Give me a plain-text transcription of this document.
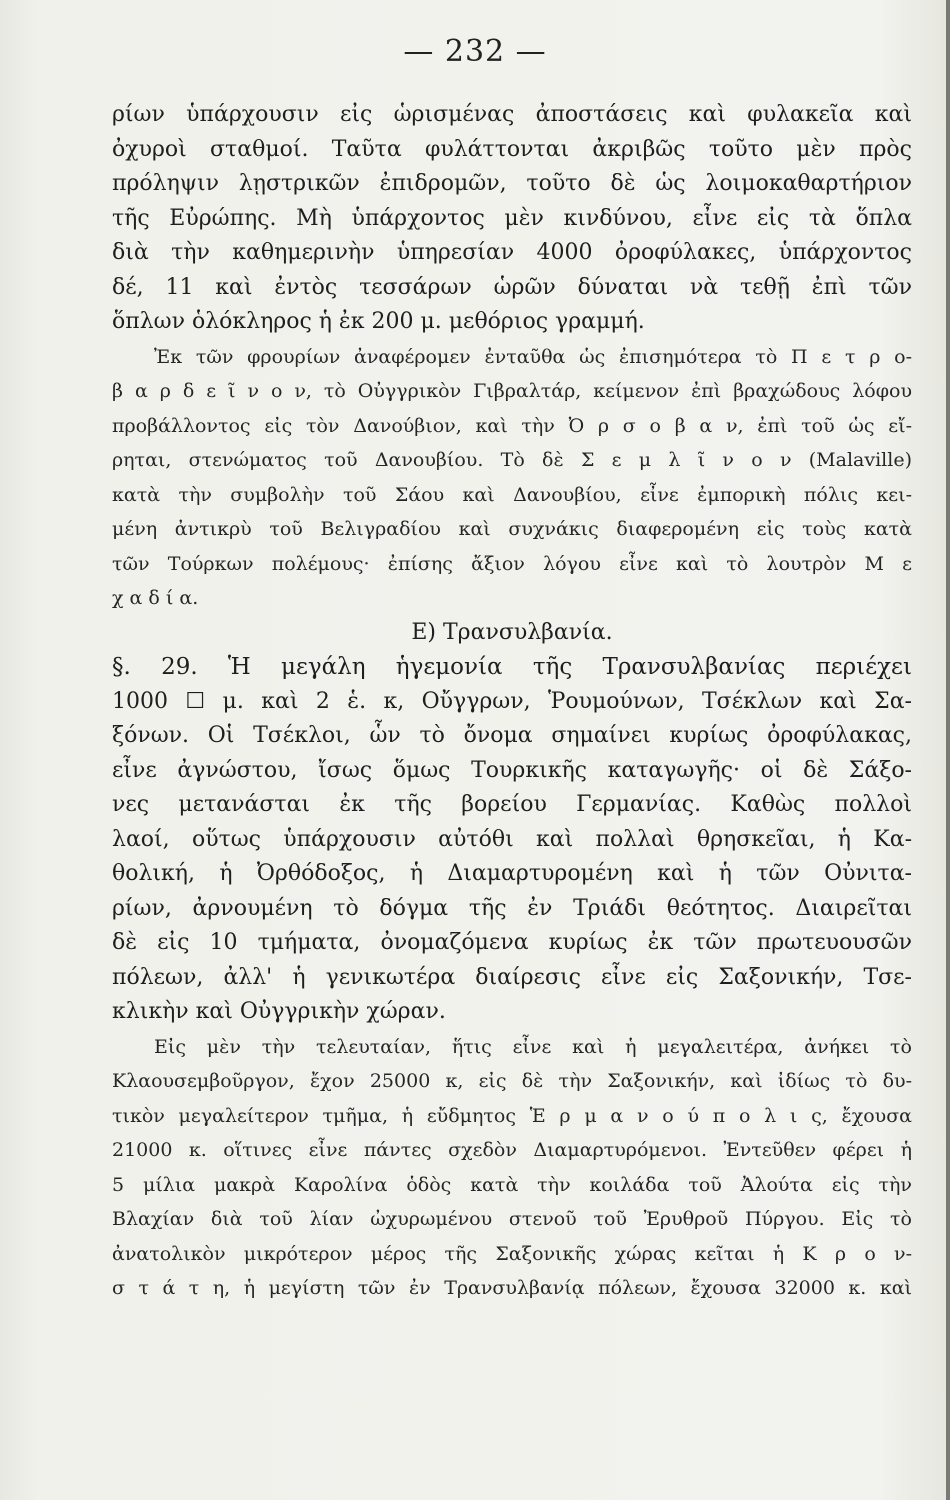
— 232 —
ρίων ὑπάρχουσιν εἰς ὡρισμένας ἀποστάσεις καὶ φυλακεῖα καὶ
ὀχυροὶ σταθμοί. Ταῦτα φυλάττονται ἀκριβῶς τοῦτο μὲν πρὸς
πρόληψιν λῃστρικῶν ἐπιδρομῶν, τοῦτο δὲ ὡς λοιμοκαθαρτήριον
τῆς Εὐρώπης. Μὴ ὑπάρχοντος μὲν κινδύνου, εἶνε εἰς τὰ ὅπλα
διὰ τὴν καθημερινὴν ὑπηρεσίαν 4000 ὀροφύλακες, ὑπάρχοντος
δέ, 11 καὶ ἐντὸς τεσσάρων ὡρῶν δύναται νὰ τεθῇ ἐπὶ τῶν
ὅπλων ὁλόκληρος ἡ ἐκ 200 μ. μεθόριος γραμμή.
Ἐκ τῶν φρουρίων ἀναφέρομεν ἐνταῦθα ὡς ἐπισημότερα τὸ Π ε τ ρ ο-
β α ρ δ ε ῖ ν ο ν, τὸ Οὐγγρικὸν Γιβραλτάρ, κείμενον ἐπὶ βραχώδους λόφου
προβάλλοντος εἰς τὸν Δανούβιον, καὶ τὴν Ὀ ρ σ ο β α ν, ἐπὶ τοῦ ὡς εἴ-
ρηται, στενώματος τοῦ Δανουβίου. Τὸ δὲ Σ ε μ λ ῖ ν ο ν (Malaville)
κατὰ τὴν συμβολὴν τοῦ Σάου καὶ Δανουβίου, εἶνε ἐμπορικὴ πόλις κει-
μένη ἀντικρὺ τοῦ Βελιγραδίου καὶ συχνάκις διαφερομένη εἰς τοὺς κατὰ
τῶν Τούρκων πολέμους· ἐπίσης ἄξιον λόγου εἶνε καὶ τὸ λουτρὸν Μ ε
χ α δ ί α.
Ε) Τρανσυλβανία.
§. 29. Ἡ μεγάλη ἡγεμονία τῆς Τρανσυλβανίας περιέχει
1000 ☐ μ. καὶ 2 ἑ. κ, Οὔγγρων, Ῥουμούνων, Τσέκλων καὶ Σα-
ξόνων. Οἱ Τσέκλοι, ὧν τὸ ὄνομα σημαίνει κυρίως ὀροφύλακας,
εἶνε ἀγνώστου, ἴσως ὅμως Τουρκικῆς καταγωγῆς· οἱ δὲ Σάξο-
νες μετανάσται ἐκ τῆς βορείου Γερμανίας. Καθὼς πολλοὶ
λαοί, οὕτως ὑπάρχουσιν αὐτόθι καὶ πολλαὶ θρησκεῖαι, ἡ Κα-
θολική, ἡ Ὀρθόδοξος, ἡ Διαμαρτυρομένη καὶ ἡ τῶν Οὐνιτα-
ρίων, ἀρνουμένη τὸ δόγμα τῆς ἐν Τριάδι θεότητος. Διαιρεῖται
δὲ εἰς 10 τμήματα, ὀνομαζόμενα κυρίως ἐκ τῶν πρωτευουσῶν
πόλεων, ἀλλ' ἡ γενικωτέρα διαίρεσις εἶνε εἰς Σαξονικήν, Τσε-
κλικὴν καὶ Οὐγγρικὴν χώραν.
Εἰς μὲν τὴν τελευταίαν, ἥτις εἶνε καὶ ἡ μεγαλειτέρα, ἀνήκει τὸ
Κλαουσεμβοῦργον, ἔχον 25000 κ, εἰς δὲ τὴν Σαξονικήν, καὶ ἰδίως τὸ δυ-
τικὸν μεγαλείτερον τμῆμα, ἡ εὔδμητος Ἑ ρ μ α ν ο ύ π ο λ ι ς, ἔχουσα
21000 κ. οἵτινες εἶνε πάντες σχεδὸν Διαμαρτυρόμενοι. Ἐντεῦθεν φέρει ἡ
5 μίλια μακρὰ Καρολίνα ὁδὸς κατὰ τὴν κοιλάδα τοῦ Ἀλούτα εἰς τὴν
Βλαχίαν διὰ τοῦ λίαν ὠχυρωμένου στενοῦ τοῦ Ἐρυθροῦ Πύργου. Εἰς τὸ
ἀνατολικὸν μικρότερον μέρος τῆς Σαξονικῆς χώρας κεῖται ἡ Κ ρ ο ν-
σ τ ά τ η, ἡ μεγίστη τῶν ἐν Τρανσυλβανίᾳ πόλεων, ἔχουσα 32000 κ. καὶ
